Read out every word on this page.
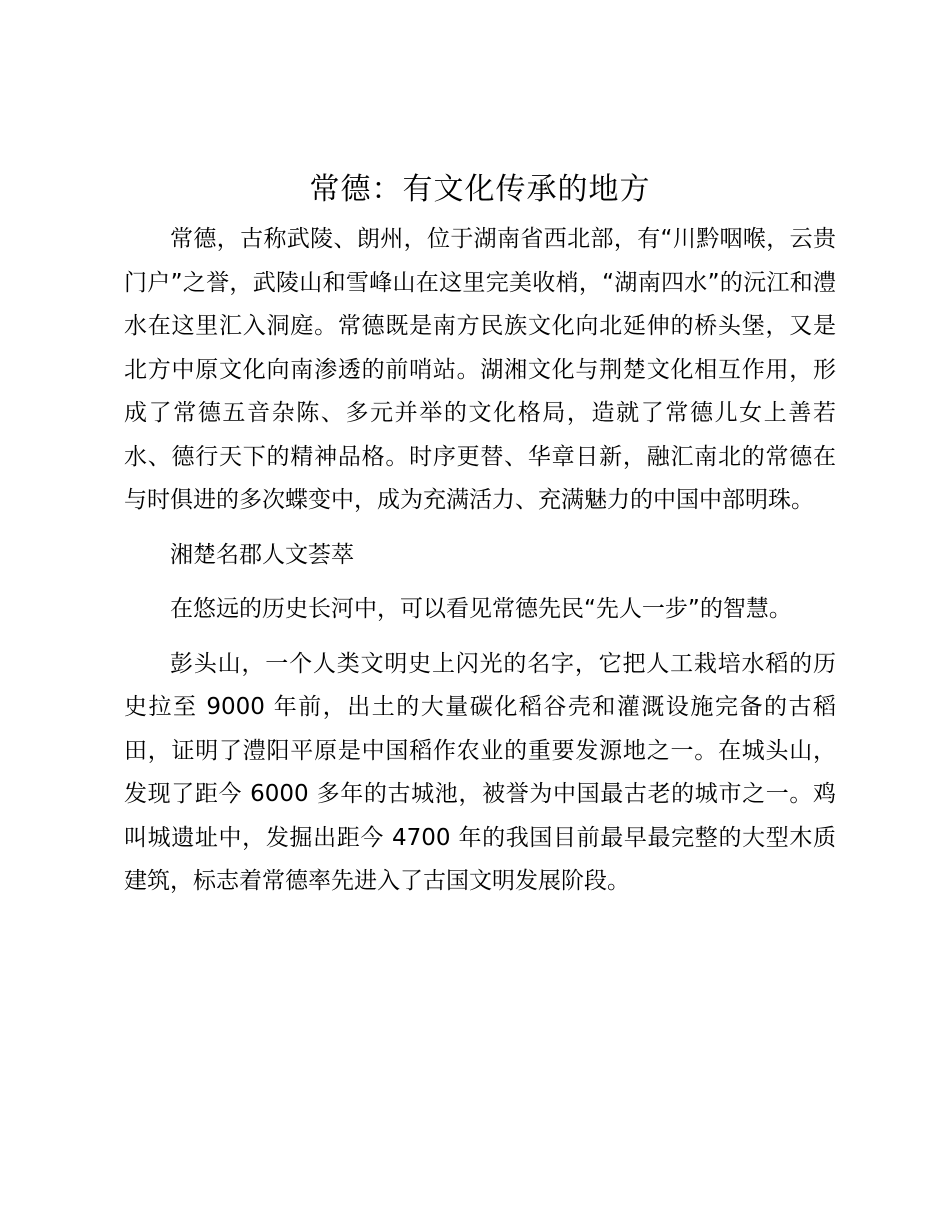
常德：有文化传承的地方

常德，古称武陵、朗州，位于湖南省西北部，有“川黔咽喉，云贵门户”之誉，武陵山和雪峰山在这里完美收梢，“湖南四水”的沅江和澧水在这里汇入洞庭。常德既是南方民族文化向北延伸的桥头堡，又是北方中原文化向南渗透的前哨站。湖湘文化与荆楚文化相互作用，形成了常德五音杂陈、多元并举的文化格局，造就了常德儿女上善若水、德行天下的精神品格。时序更替、华章日新，融汇南北的常德在与时俱进的多次蝶变中，成为充满活力、充满魅力的中国中部明珠。

湘楚名郡人文荟萃

在悠远的历史长河中，可以看见常德先民“先人一步”的智慧。

彭头山，一个人类文明史上闪光的名字，它把人工栽培水稻的历史拉至 9000 年前，出土的大量碳化稻谷壳和灌溉设施完备的古稻田，证明了澧阳平原是中国稻作农业的重要发源地之一。在城头山，发现了距今 6000 多年的古城池，被誉为中国最古老的城市之一。鸡叫城遗址中，发掘出距今 4700 年的我国目前最早最完整的大型木质建筑，标志着常德率先进入了古国文明发展阶段。
